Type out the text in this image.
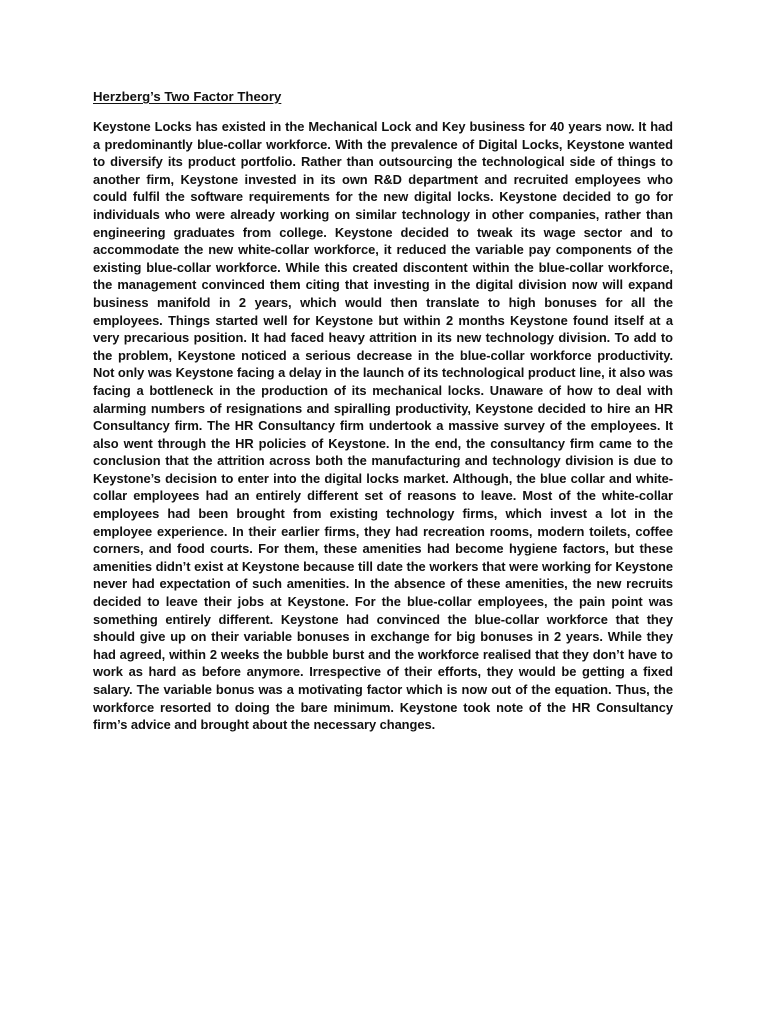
Herzberg’s Two Factor Theory

Keystone Locks has existed in the Mechanical Lock and Key business for 40 years now. It had a predominantly blue-collar workforce. With the prevalence of Digital Locks, Keystone wanted to diversify its product portfolio. Rather than outsourcing the technological side of things to another firm, Keystone invested in its own R&D department and recruited employees who could fulfil the software requirements for the new digital locks. Keystone decided to go for individuals who were already working on similar technology in other companies, rather than engineering graduates from college. Keystone decided to tweak its wage sector and to accommodate the new white-collar workforce, it reduced the variable pay components of the existing blue-collar workforce. While this created discontent within the blue-collar workforce, the management convinced them citing that investing in the digital division now will expand business manifold in 2 years, which would then translate to high bonuses for all the employees. Things started well for Keystone but within 2 months Keystone found itself at a very precarious position. It had faced heavy attrition in its new technology division. To add to the problem, Keystone noticed a serious decrease in the blue-collar workforce productivity. Not only was Keystone facing a delay in the launch of its technological product line, it also was facing a bottleneck in the production of its mechanical locks. Unaware of how to deal with alarming numbers of resignations and spiralling productivity, Keystone decided to hire an HR Consultancy firm. The HR Consultancy firm undertook a massive survey of the employees. It also went through the HR policies of Keystone. In the end, the consultancy firm came to the conclusion that the attrition across both the manufacturing and technology division is due to Keystone’s decision to enter into the digital locks market. Although, the blue collar and white-collar employees had an entirely different set of reasons to leave. Most of the white-collar employees had been brought from existing technology firms, which invest a lot in the employee experience. In their earlier firms, they had recreation rooms, modern toilets, coffee corners, and food courts. For them, these amenities had become hygiene factors, but these amenities didn’t exist at Keystone because till date the workers that were working for Keystone never had expectation of such amenities. In the absence of these amenities, the new recruits decided to leave their jobs at Keystone. For the blue-collar employees, the pain point was something entirely different. Keystone had convinced the blue-collar workforce that they should give up on their variable bonuses in exchange for big bonuses in 2 years. While they had agreed, within 2 weeks the bubble burst and the workforce realised that they don’t have to work as hard as before anymore. Irrespective of their efforts, they would be getting a fixed salary. The variable bonus was a motivating factor which is now out of the equation. Thus, the workforce resorted to doing the bare minimum. Keystone took note of the HR Consultancy firm’s advice and brought about the necessary changes.
